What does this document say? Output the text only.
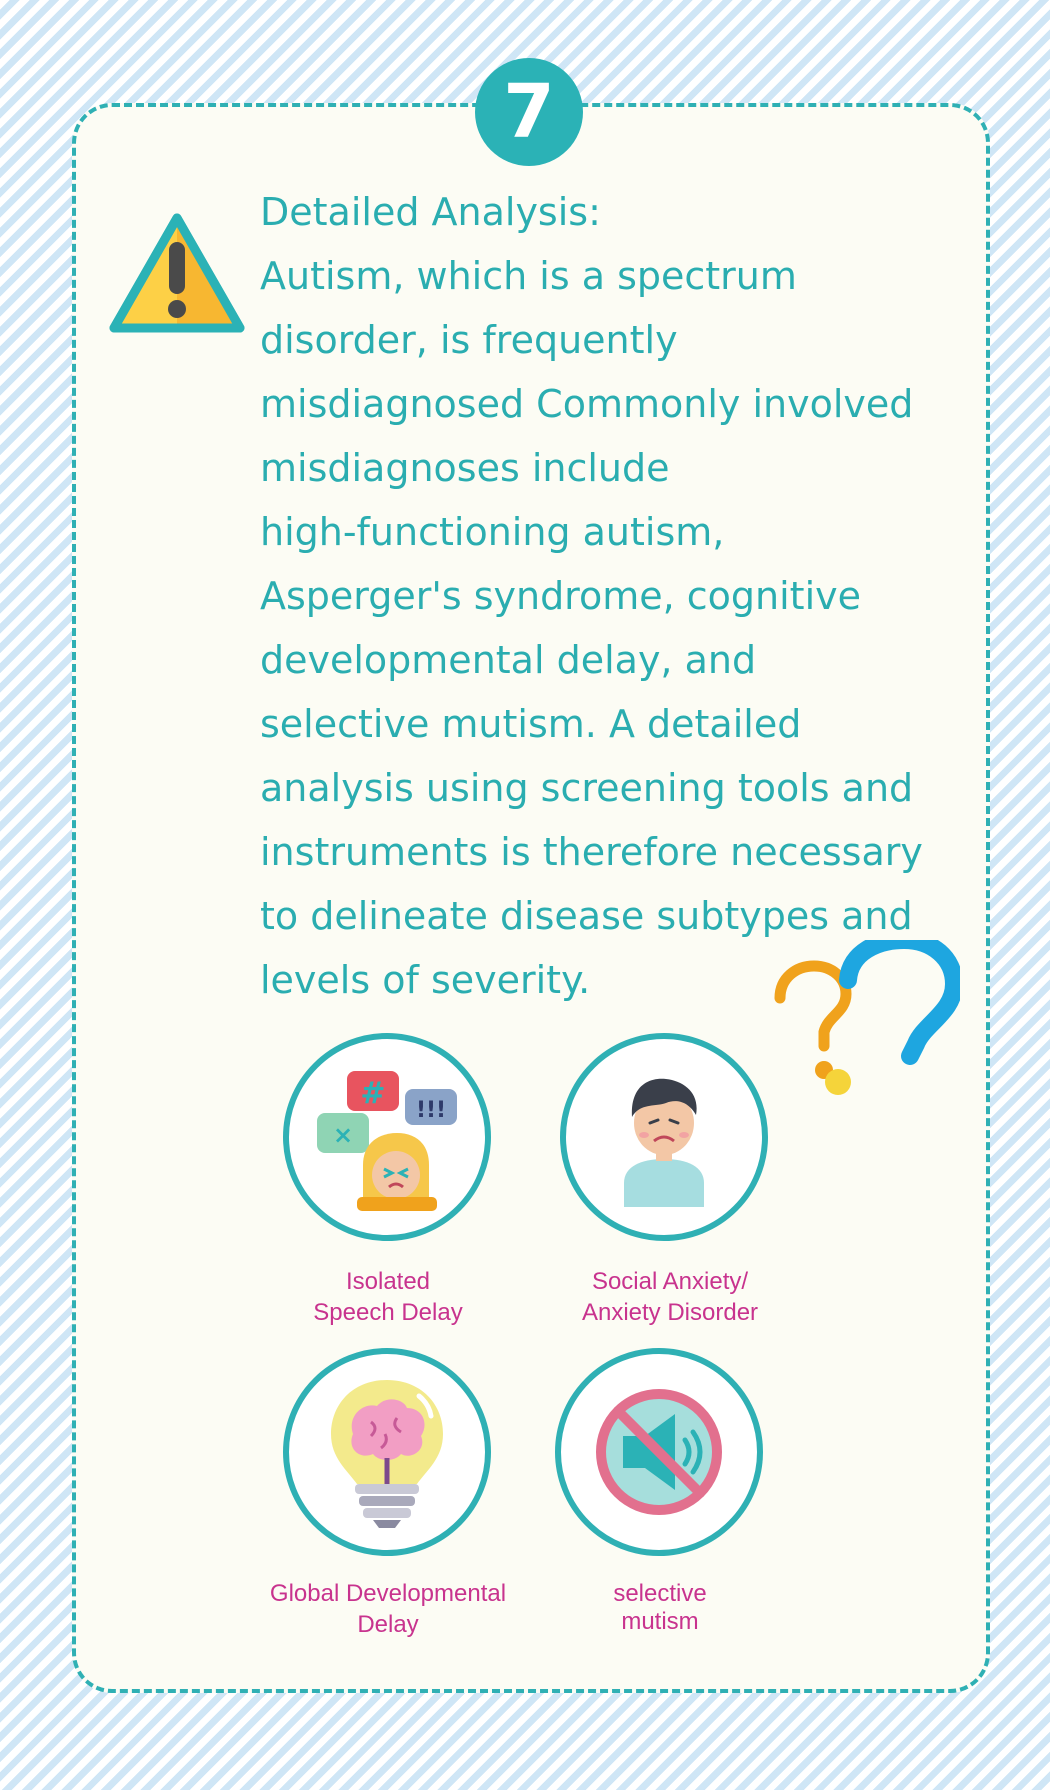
7

Detailed Analysis:
Autism, which is a spectrum
disorder, is frequently
misdiagnosed Commonly involved
misdiagnoses include
high-functioning autism,
Asperger's syndrome, cognitive
developmental delay, and
selective mutism. A detailed
analysis using screening tools and
instruments is therefore necessary
to delineate disease subtypes and
levels of severity.

# !!!
×
Isolated
Speech Delay
Social Anxiety/
Anxiety Disorder
Global Developmental
Delay
selective
mutism
